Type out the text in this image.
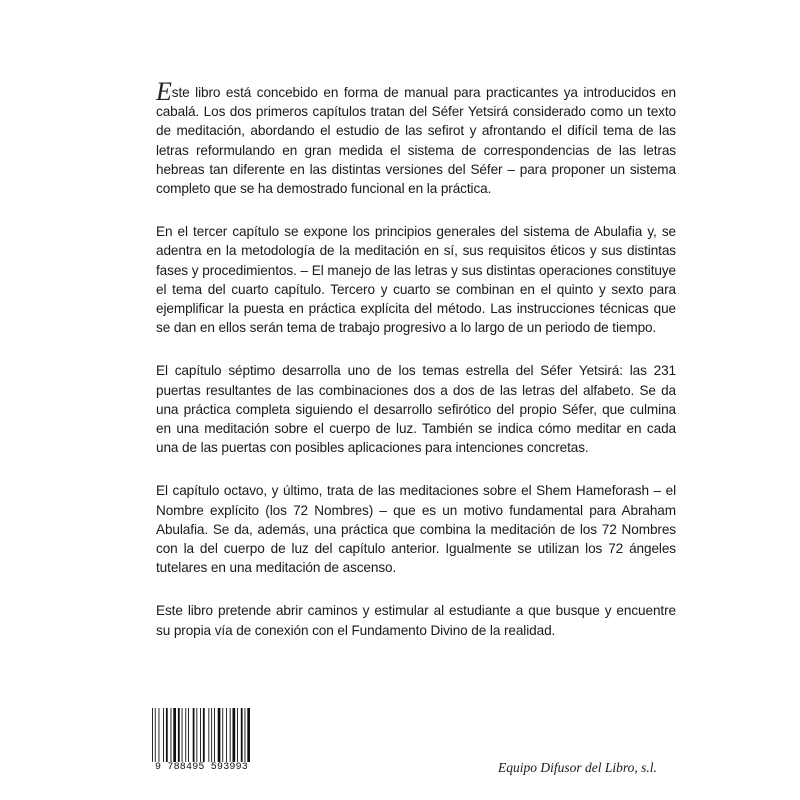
Este libro está concebido en forma de manual para practicantes ya introducidos en cabalá. Los dos primeros capítulos tratan del Séfer Yetsirá considerado como un texto de meditación, abordando el estudio de las sefirot y afrontando el difícil tema de las letras reformulando en gran medida el sistema de correspondencias de las letras hebreas tan diferente en las distintas versiones del Séfer – para proponer un sistema completo que se ha demostrado funcional en la práctica.

En el tercer capítulo se expone los principios generales del sistema de Abulafia y, se adentra en la metodología de la meditación en sí, sus requisitos éticos y sus distintas fases y procedimientos. – El manejo de las letras y sus distintas operaciones constituye el tema del cuarto capítulo. Tercero y cuarto se combinan en el quinto y sexto para ejemplificar la puesta en práctica explícita del método. Las instrucciones técnicas que se dan en ellos serán tema de trabajo progresivo a lo largo de un periodo de tiempo.

El capítulo séptimo desarrolla uno de los temas estrella del Séfer Yetsirá: las 231 puertas resultantes de las combinaciones dos a dos de las letras del alfabeto. Se da una práctica completa siguiendo el desarrollo sefirótico del propio Séfer, que culmina en una meditación sobre el cuerpo de luz. También se indica cómo meditar en cada una de las puertas con posibles aplicaciones para intenciones concretas.

El capítulo octavo, y último, trata de las meditaciones sobre el Shem Hameforash – el Nombre explícito (los 72 Nombres) – que es un motivo fundamental para Abraham Abulafia. Se da, además, una práctica que combina la meditación de los 72 Nombres con la del cuerpo de luz del capítulo anterior. Igualmente se utilizan los 72 ángeles tutelares en una meditación de ascenso.

Este libro pretende abrir caminos y estimular al estudiante a que busque y encuentre su propia vía de conexión con el Fundamento Divino de la realidad.

9 788495 593993	Equipo Difusor del Libro, s.l.
